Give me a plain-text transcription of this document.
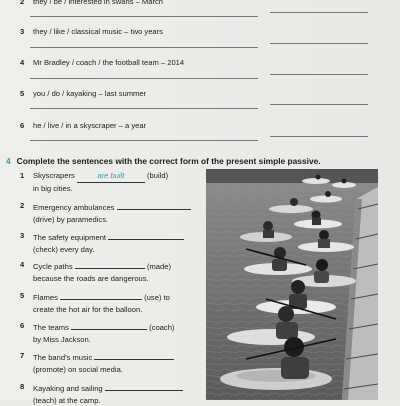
2 they / be / interested in swans – March
3 they / like / classical music – two years
4 Mr Bradley / coach / the football team – 2014
5 you / do / kayaking – last summer
6 he / live / in a skyscraper – a year
4 Complete the sentences with the correct form of the present simple passive.
1 Skyscrapers	are built	(build)
in big cities.
2 Emergency ambulances
(drive) by paramedics.
3 The safety equipment
(check) every day.
4 Cycle paths	(made)
because the roads are dangerous.
5 Flames	(use) to
create the hot air for the balloon.
6 The teams	(coach)
by Miss Jackson.
7 The band's music
(promote) on social media.
8 Kayaking and sailing
(teach) at the camp.
